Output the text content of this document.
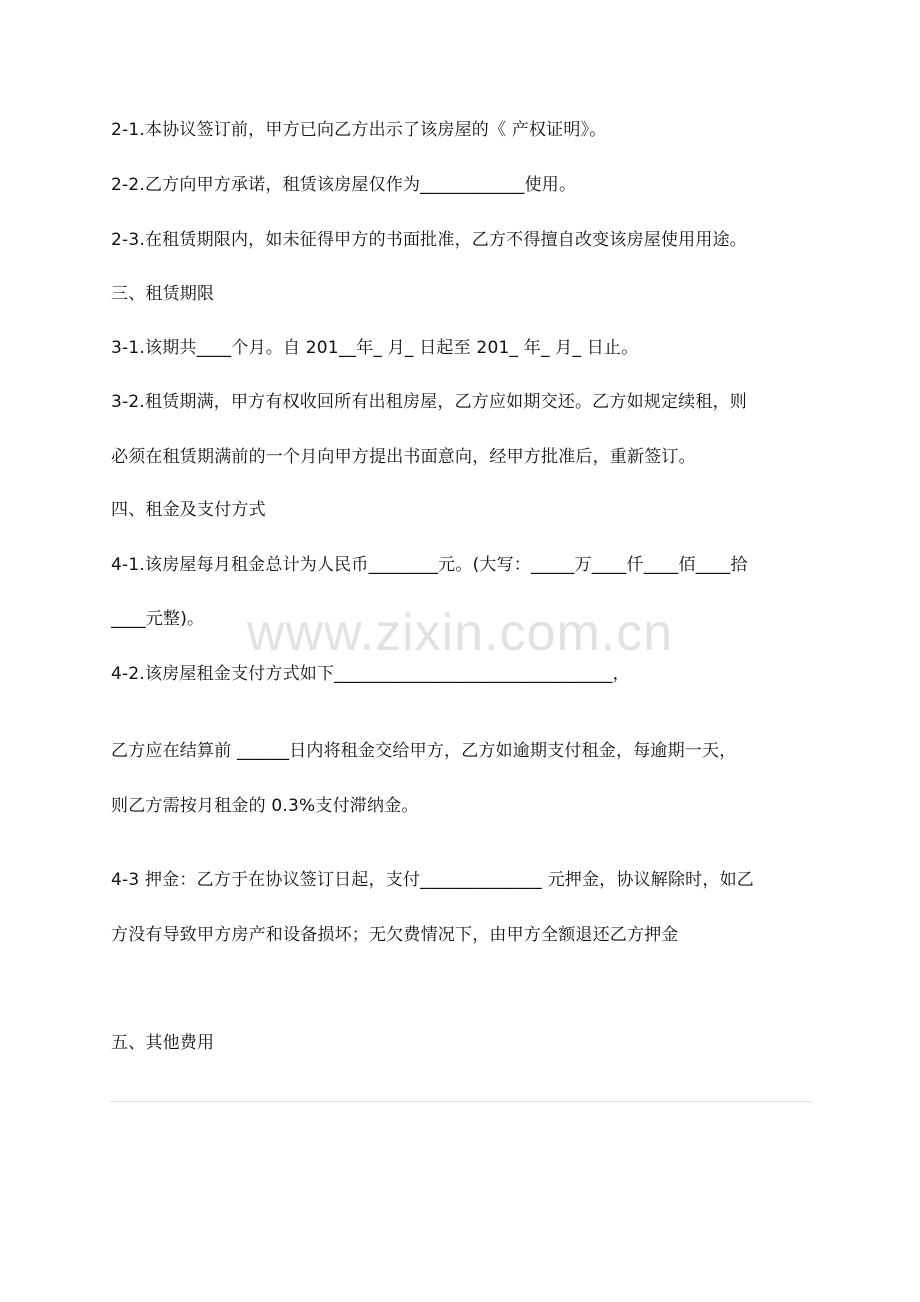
www.zixin.com.cn
2-1.本协议签订前，甲方已向乙方出示了该房屋的《 产权证明》。
2-2.乙方向甲方承诺，租赁该房屋仅作为____________使用。
2-3.在租赁期限内，如未征得甲方的书面批准，乙方不得擅自改变该房屋使用用途。
三、租赁期限
3-1.该期共____个月。自 201__年_ 月_ 日起至 201_ 年_ 月_ 日止。
3-2.租赁期满，甲方有权收回所有出租房屋，乙方应如期交还。乙方如规定续租，则
必须在租赁期满前的一个月向甲方提出书面意向，经甲方批准后，重新签订。
四、租金及支付方式
4-1.该房屋每月租金总计为人民币________元。(大写：_____万____仟____佰____拾
____元整)。
4-2.该房屋租金支付方式如下________________________________，
乙方应在结算前 ______日内将租金交给甲方，乙方如逾期支付租金，每逾期一天，
则乙方需按月租金的 0.3%支付滞纳金。
4-3 押金：乙方于在协议签订日起，支付______________ 元押金，协议解除时，如乙
方没有导致甲方房产和设备损坏；无欠费情况下，由甲方全额退还乙方押金
五、其他费用
